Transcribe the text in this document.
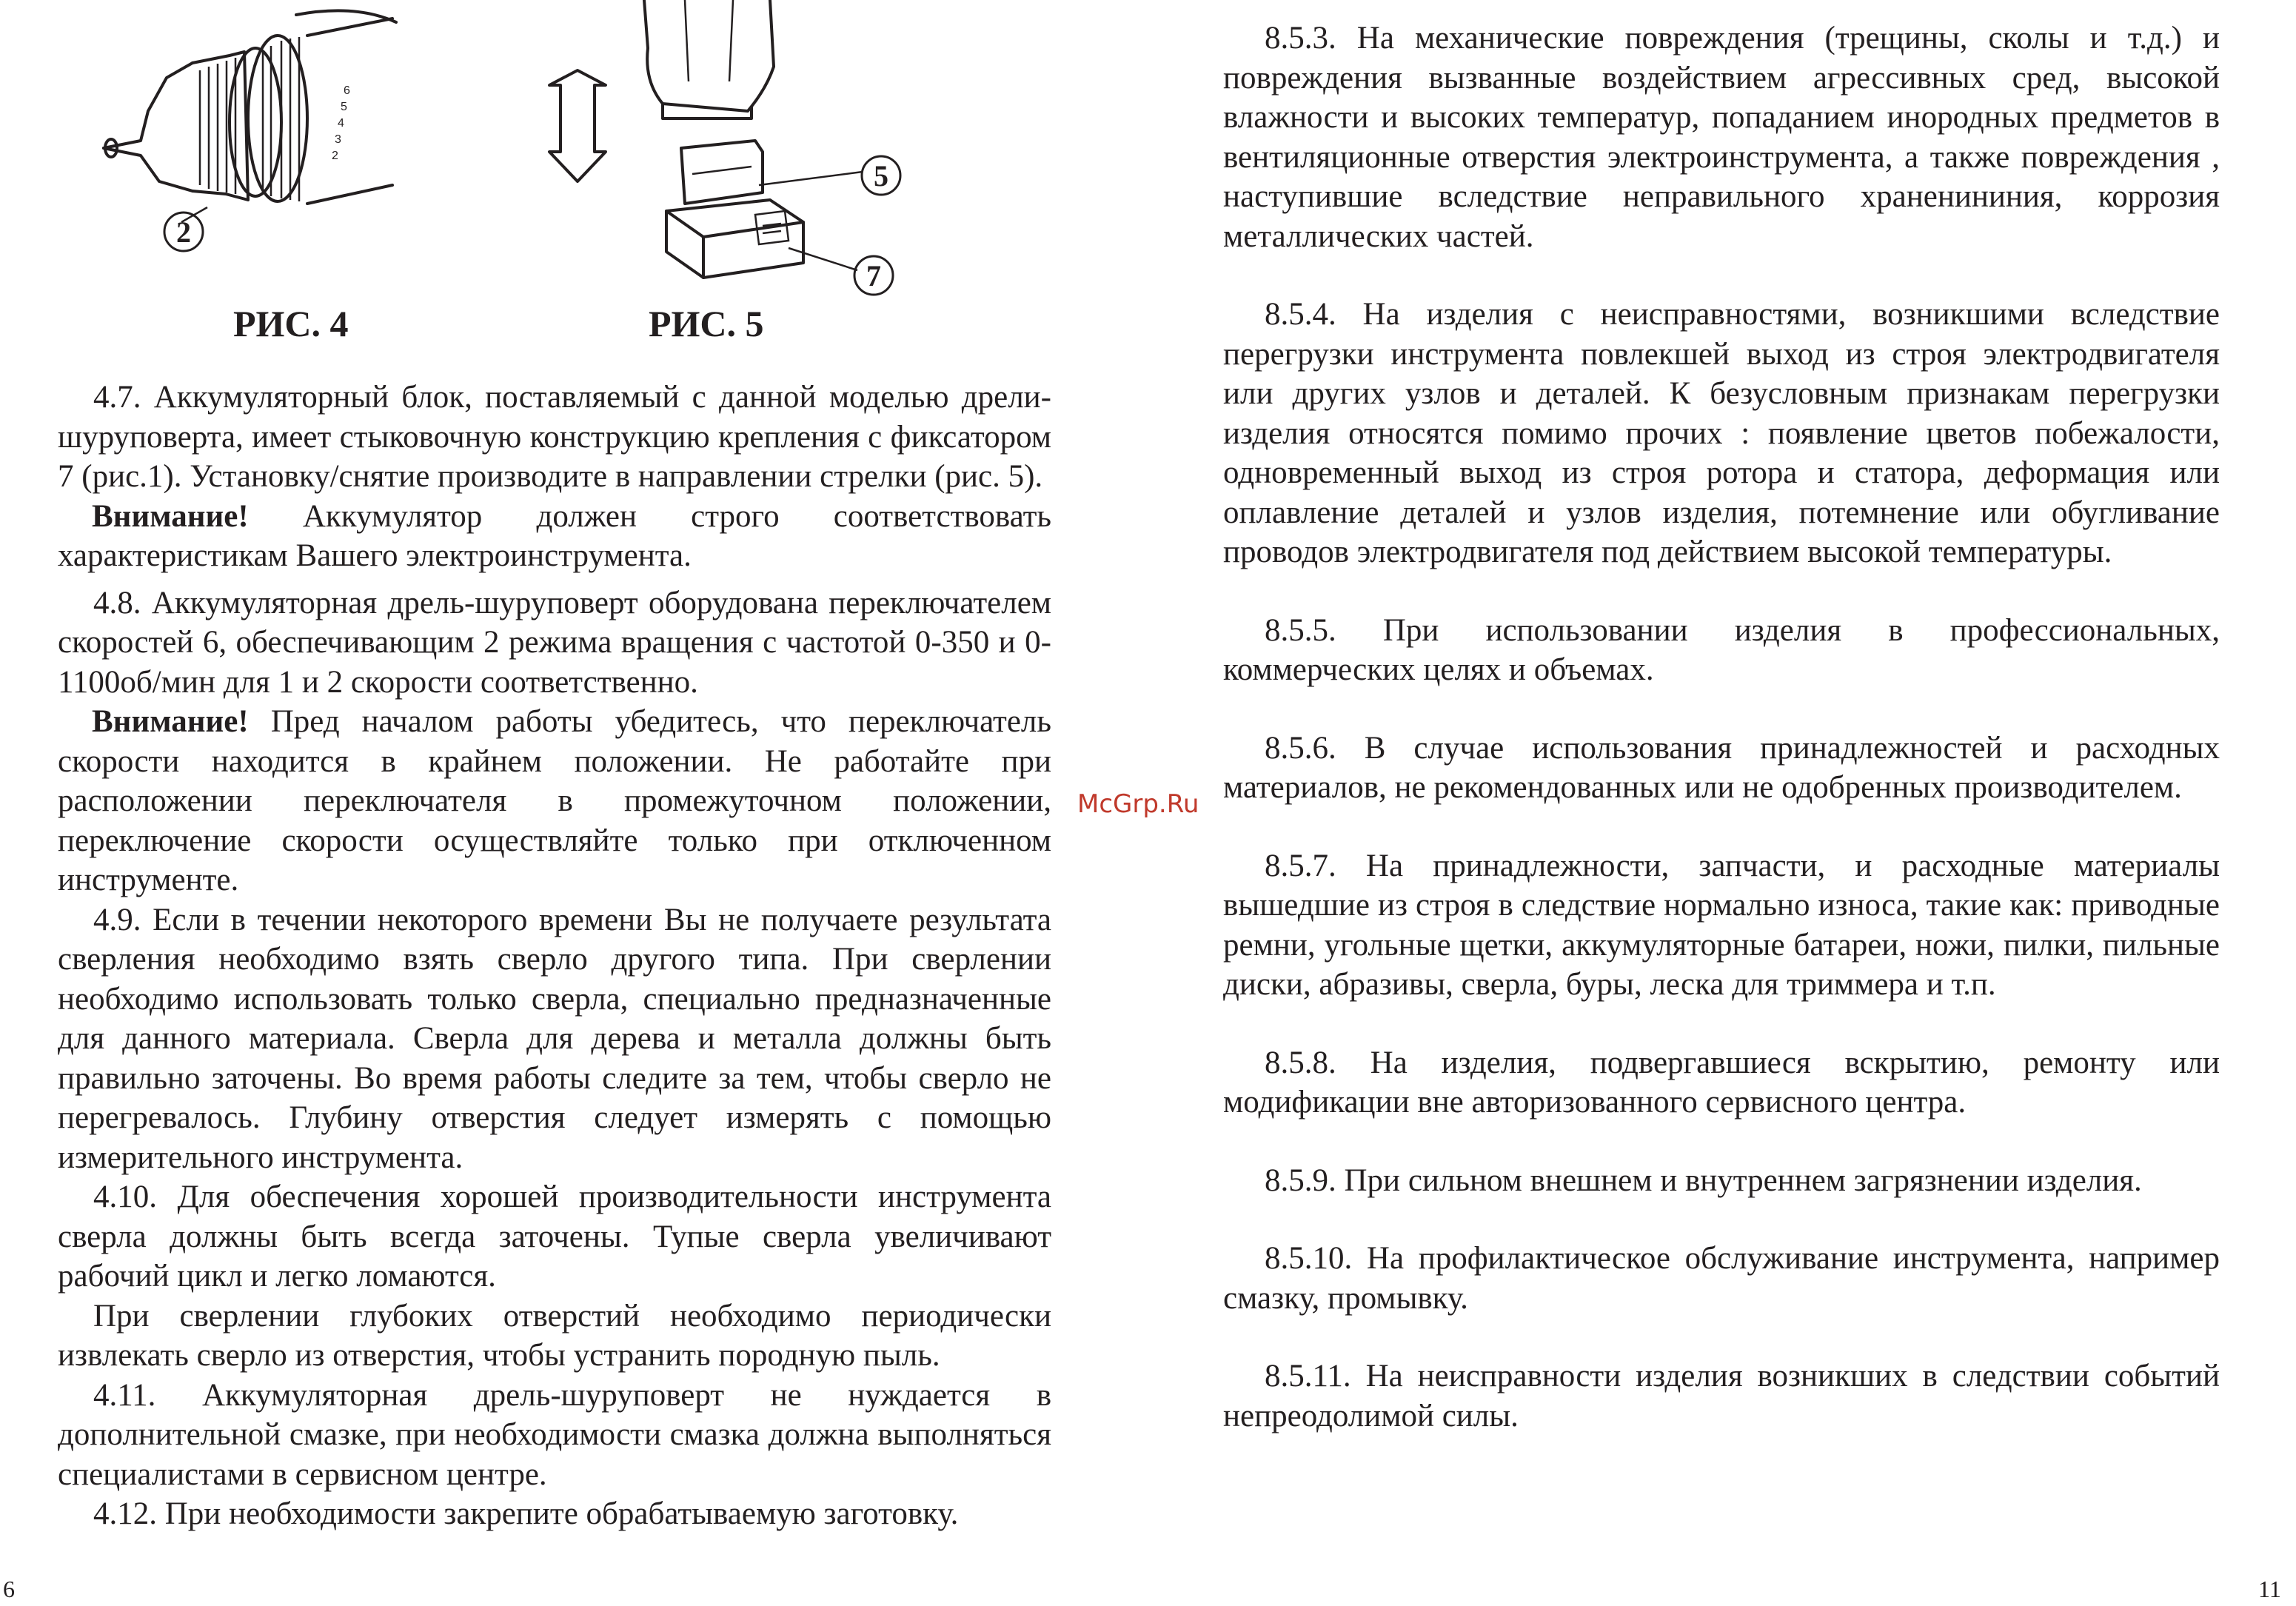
2
3
4
5
6
2
5
7
РИС. 4	РИС. 5

4.7. Аккумуляторный блок, поставляемый с данной моделью дрели-шуруповерта, имеет стыковочную конструкцию крепления с фиксатором 7 (рис.1). Установку/снятие производите в направлении стрелки (рис. 5).

Внимание! Аккумулятор должен строго соответствовать характеристикам Вашего электроинструмента.

4.8. Аккумуляторная дрель-шуруповерт оборудована переключателем скоростей 6, обеспечивающим 2 режима вращения с частотой 0-350 и 0-1100об/мин для 1 и 2 скорости соответственно.

Внимание! Пред началом работы убедитесь, что переключатель скорости находится в крайнем положении. Не работайте при расположении переключателя в промежуточном положении, переключение скорости осуществляйте только при отключенном инструменте.

4.9. Если в течении некоторого времени Вы не получаете результата сверления необходимо взять сверло другого типа. При сверлении необходимо использовать только сверла, специально предназначенные для данного материала. Сверла для дерева и металла должны быть правильно заточены. Во время работы следите за тем, чтобы сверло не перегревалось. Глубину отверстия следует измерять с помощью измерительного инструмента.

4.10. Для обеспечения хорошей производительности инструмента сверла должны быть всегда заточены. Тупые сверла увеличивают рабочий цикл и легко ломаются.

При сверлении глубоких отверстий необходимо периодически извлекать сверло из отверстия, чтобы устранить породную пыль.

4.11. Аккумуляторная дрель-шуруповерт не нуждается в дополнительной смазке, при необходимости смазка должна выполняться специалистами в сервисном центре.

4.12. При необходимости закрепите обрабатываемую заготовку.

6
McGrp.Ru

8.5.3. На механические повреждения (трещины, сколы и т.д.) и повреждения вызванные воздействием агрессивных сред, высокой влажности и высоких температур, попаданием инородных предметов в вентиляционные отверстия электроинструмента, а также повреждения , наступившие вследствие неправильного храненининия, коррозия металлических частей.

8.5.4. На изделия с неисправностями, возникшими вследствие перегрузки инструмента повлекшей выход из строя электродвигателя или других узлов и деталей. К безусловным признакам перегрузки изделия относятся помимо прочих : появление цветов побежалости, одновременный выход из строя ротора и статора, деформация или оплавление деталей и узлов изделия, потемнение или обугливание проводов электродвигателя под действием высокой температуры.

8.5.5. При использовании изделия в профессиональных, коммерческих целях и объемах.

8.5.6. В случае использования принадлежностей и расходных материалов, не рекомендованных или не одобренных производителем.

8.5.7. На принадлежности, запчасти, и расходные материалы вышедшие из строя в следствие нормально износа, такие как: приводные ремни, угольные щетки, аккумуляторные батареи, ножи, пилки, пильные диски, абразивы, сверла, буры, леска для триммера и т.п.

8.5.8. На изделия, подвергавшиеся вскрытию, ремонту или модификации вне авторизованного сервисного центра.

8.5.9. При сильном внешнем и внутреннем загрязнении изделия.

8.5.10. На профилактическое обслуживание инструмента, например смазку, промывку.

8.5.11. На неисправности изделия возникших в следствии событий непреодолимой силы.

11
